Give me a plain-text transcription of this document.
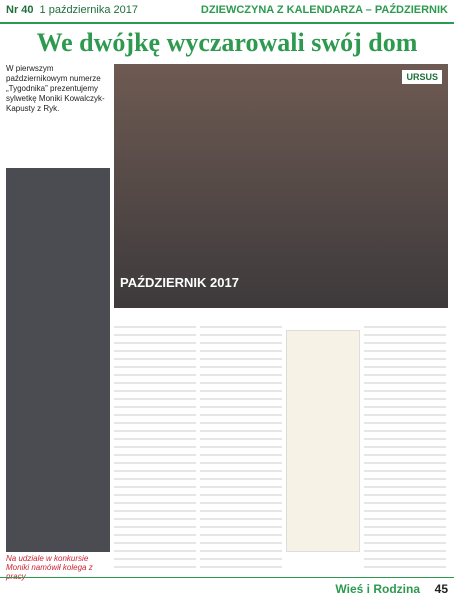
Nr 40 1 października 2017	DZIEWCZYNA Z KALENDARZA – PAŹDZIERNIK
We dwójkę wyczarowali swój dom
W pierwszym październikowym numerze „Tygodnika” prezentujemy sylwetkę Moniki Kowalczyk-Kapusty z Ryk.
URSUS
PAŹDZIERNIK 2017
Na udziale w konkursie Moniki namówił kolega z pracy
Wieś i Rodzina 45
